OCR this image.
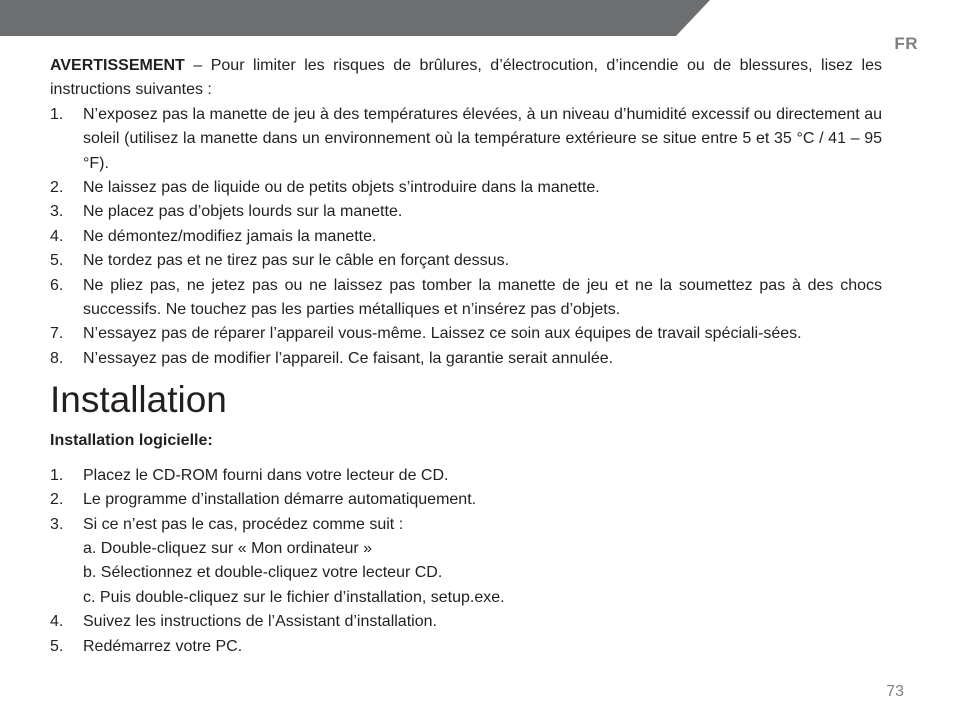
FR

AVERTISSEMENT – Pour limiter les risques de brûlures, d’électrocution, d’incendie ou de blessures, lisez les instructions suivantes :

1. N’exposez pas la manette de jeu à des températures élevées, à un niveau d’humidité excessif ou directement au soleil (utilisez la manette dans un environnement où la température extérieure se situe entre 5 et 35 °C / 41 – 95 °F).
2. Ne laissez pas de liquide ou de petits objets s’introduire dans la manette.
3. Ne placez pas d’objets lourds sur la manette.
4. Ne démontez/modifiez jamais la manette.
5. Ne tordez pas et ne tirez pas sur le câble en forçant dessus.
6. Ne pliez pas, ne jetez pas ou ne laissez pas tomber la manette de jeu et ne la soumettez pas à des chocs successifs. Ne touchez pas les parties métalliques et n’insérez pas d’objets.
7. N’essayez pas de réparer l’appareil vous-même. Laissez ce soin aux équipes de travail spéciali-sées.
8. N’essayez pas de modifier l’appareil. Ce faisant, la garantie serait annulée.
Installation

Installation logicielle:

1. Placez le CD-ROM fourni dans votre lecteur de CD.
2. Le programme d’installation démarre automatiquement.
3. Si ce n’est pas le cas, procédez comme suit :
a. Double-cliquez sur « Mon ordinateur »
b. Sélectionnez et double-cliquez votre lecteur CD.
c. Puis double-cliquez sur le fichier d’installation, setup.exe.
4. Suivez les instructions de l’Assistant d’installation.
5. Redémarrez votre PC.
73
